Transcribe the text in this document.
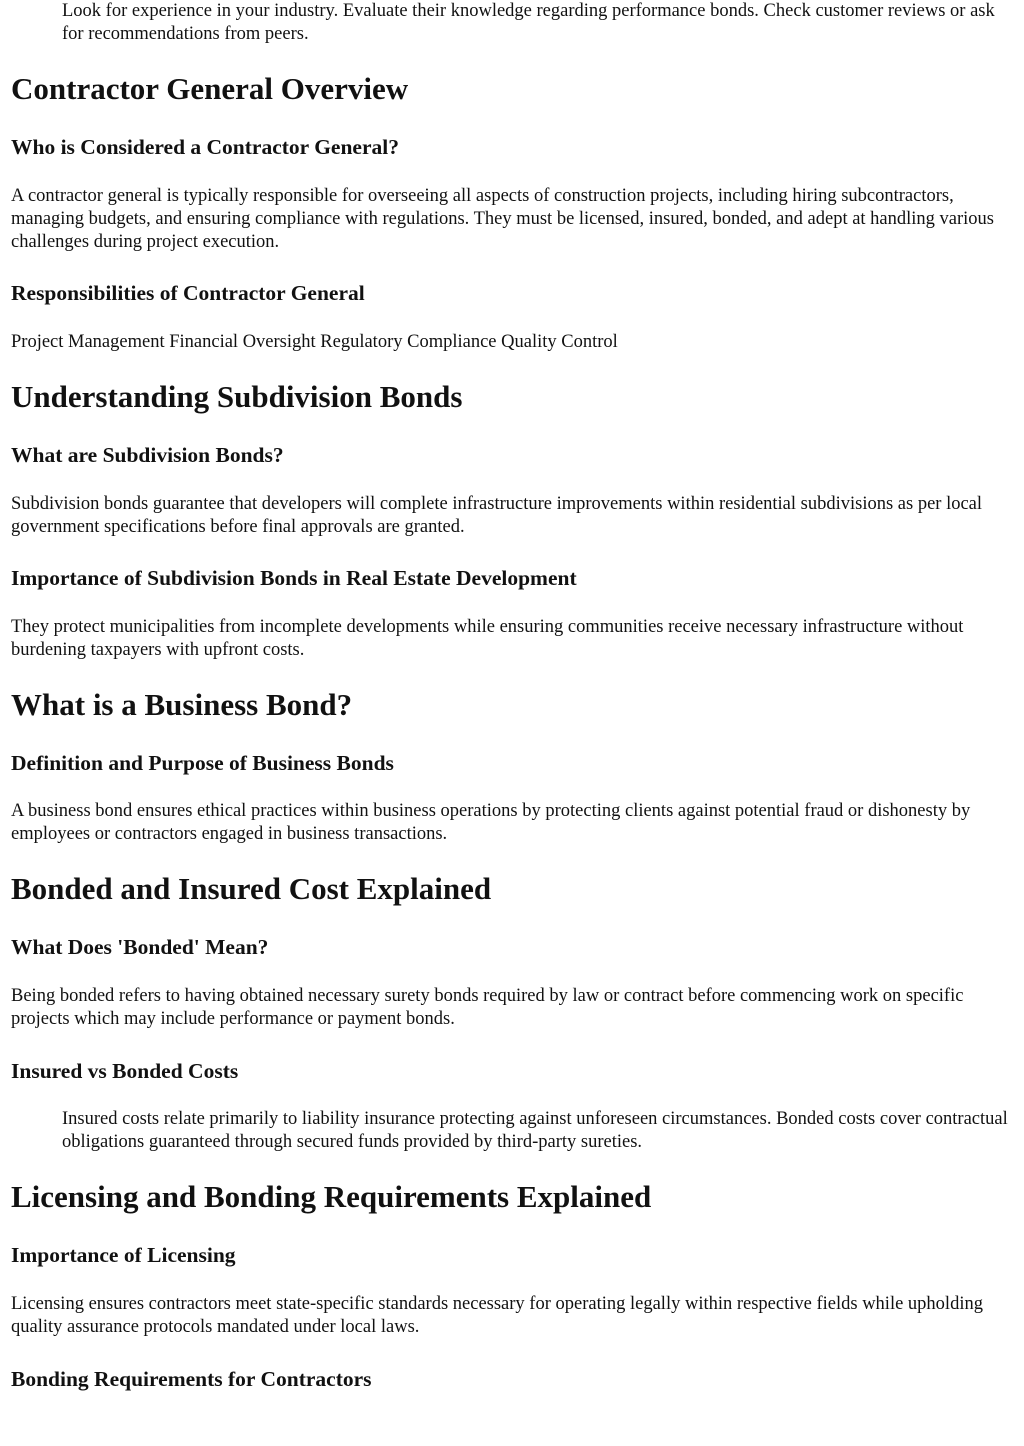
Look for experience in your industry. Evaluate their knowledge regarding performance bonds. Check customer reviews or ask for recommendations from peers.

Contractor General Overview
Who is Considered a Contractor General?

A contractor general is typically responsible for overseeing all aspects of construction projects, including hiring subcontractors, managing budgets, and ensuring compliance with regulations. They must be licensed, insured, bonded, and adept at handling various challenges during project execution.

Responsibilities of Contractor General

Project Management Financial Oversight Regulatory Compliance Quality Control

Understanding Subdivision Bonds
What are Subdivision Bonds?

Subdivision bonds guarantee that developers will complete infrastructure improvements within residential subdivisions as per local government specifications before final approvals are granted.

Importance of Subdivision Bonds in Real Estate Development

They protect municipalities from incomplete developments while ensuring communities receive necessary infrastructure without burdening taxpayers with upfront costs.

What is a Business Bond?
Definition and Purpose of Business Bonds

A business bond ensures ethical practices within business operations by protecting clients against potential fraud or dishonesty by employees or contractors engaged in business transactions.

Bonded and Insured Cost Explained
What Does 'Bonded' Mean?

Being bonded refers to having obtained necessary surety bonds required by law or contract before commencing work on specific projects which may include performance or payment bonds.

Insured vs Bonded Costs

Insured costs relate primarily to liability insurance protecting against unforeseen circumstances. Bonded costs cover contractual obligations guaranteed through secured funds provided by third-party sureties.

Licensing and Bonding Requirements Explained
Importance of Licensing

Licensing ensures contractors meet state-specific standards necessary for operating legally within respective fields while upholding quality assurance protocols mandated under local laws.

Bonding Requirements for Contractors
